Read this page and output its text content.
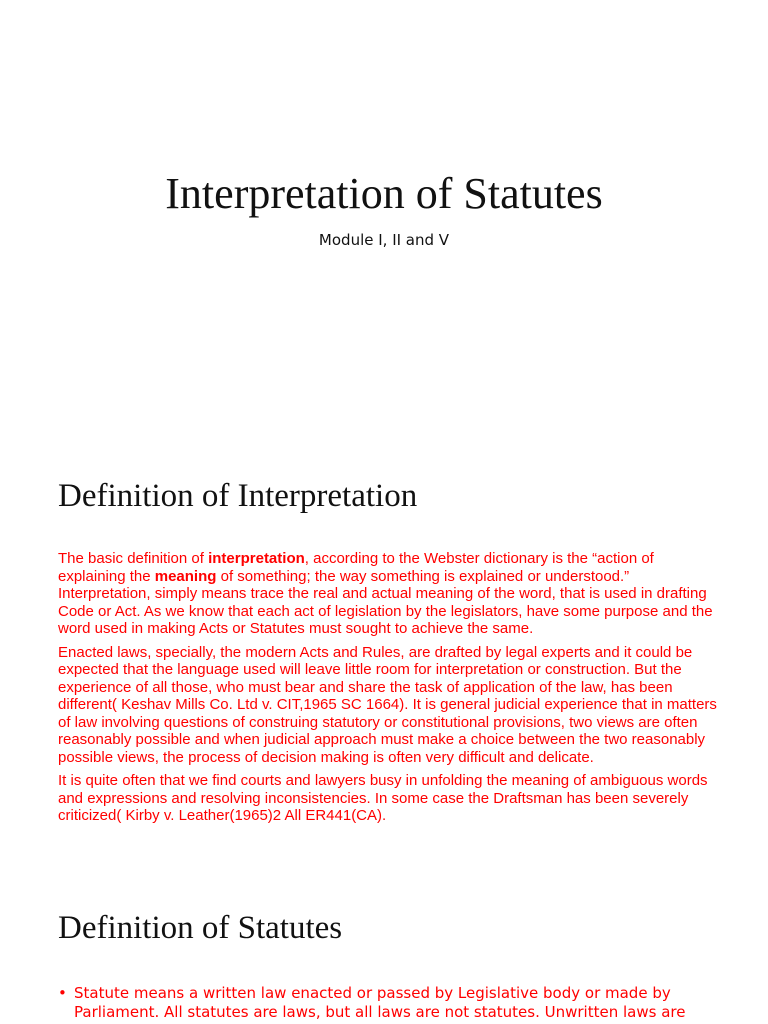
Interpretation of Statutes
Module I, II and V
Definition of Interpretation

The basic definition of interpretation, according to the Webster dictionary is the “action of explaining the meaning of something; the way something is explained or understood.” Interpretation, simply means trace the real and actual meaning of the word, that is used in drafting Code or Act. As we know that each act of legislation by the legislators, have some purpose and the word used in making Acts or Statutes must sought to achieve the same.

Enacted laws, specially, the modern Acts and Rules, are drafted by legal experts and it could be expected that the language used will leave little room for interpretation or construction. But the experience of all those, who must bear and share the task of application of the law, has been different( Keshav Mills Co. Ltd v. CIT,1965 SC 1664). It is general judicial experience that in matters of law involving questions of construing statutory or constitutional provisions, two views are often reasonably possible and when judicial approach must make a choice between the two reasonably possible views, the process of decision making is often very difficult and delicate.

It is quite often that we find courts and lawyers busy in unfolding the meaning of ambiguous words and expressions and resolving inconsistencies. In some case the Draftsman has been severely criticized( Kirby v. Leather(1965)2 All ER441(CA).

Definition of Statutes
• Statute means a written law enacted or passed by Legislative body or made by Parliament. All statutes are laws, but all laws are not statutes. Unwritten laws are
